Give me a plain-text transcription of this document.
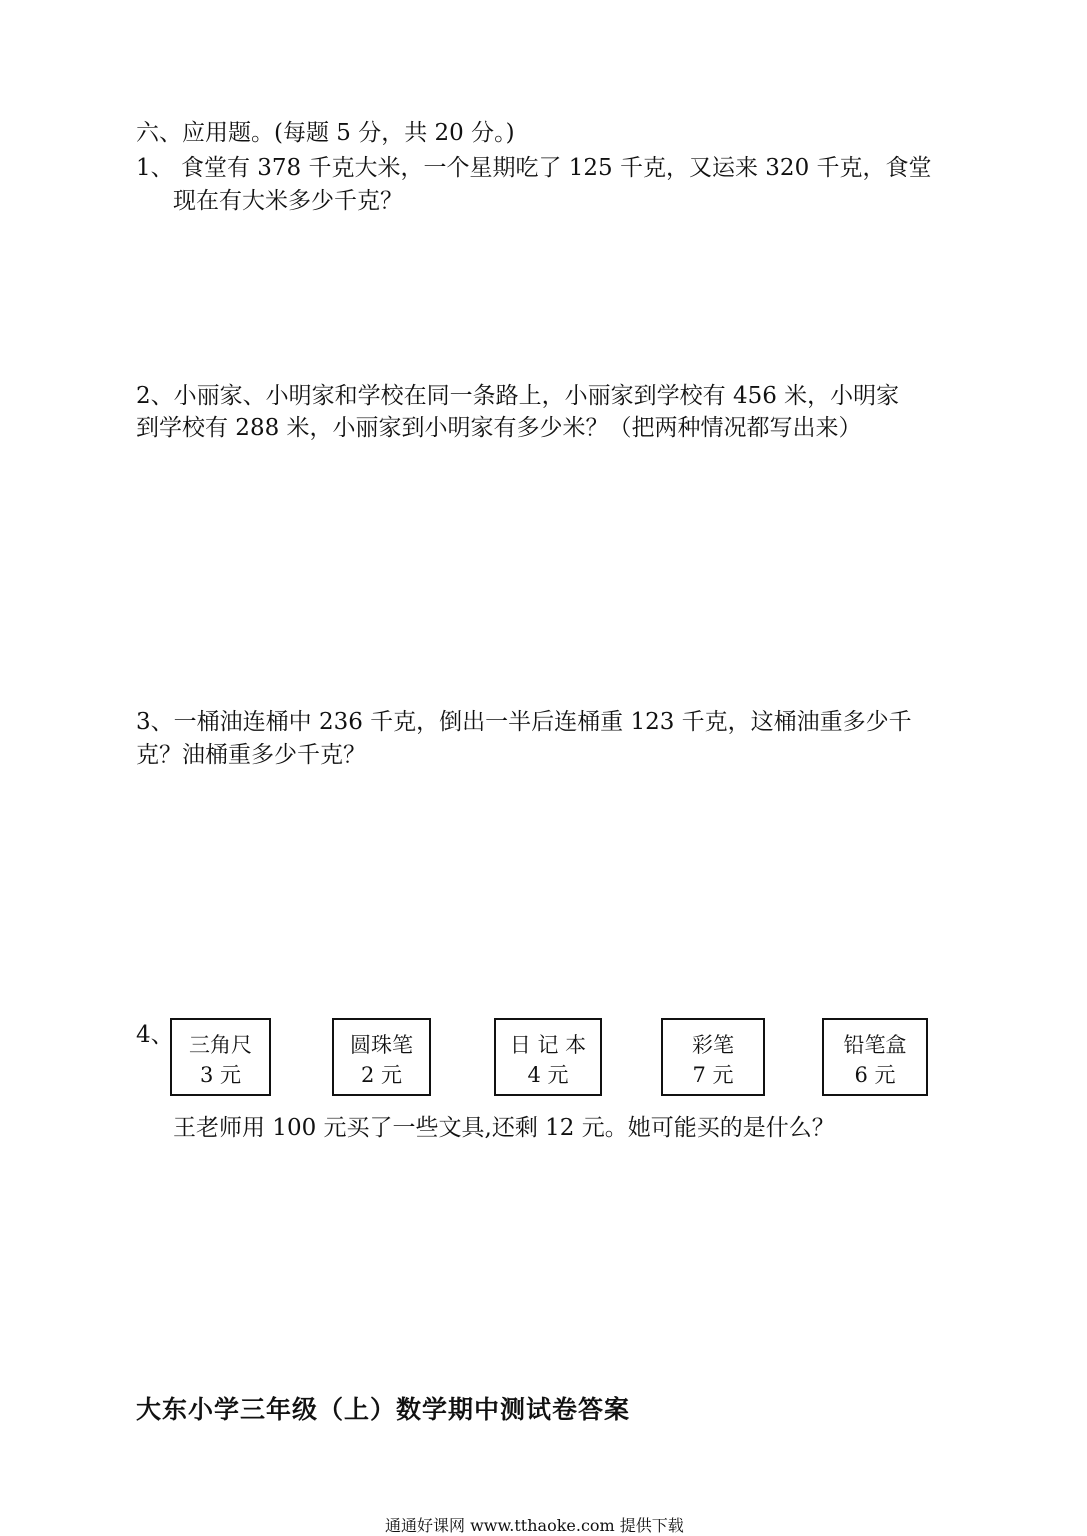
六、应用题。(每题 5 分，共 20 分。)
1、 食堂有 378 千克大米，一个星期吃了 125 千克，又运来 320 千克，食堂
现在有大米多少千克？
2、小丽家、小明家和学校在同一条路上，小丽家到学校有 456 米，小明家
到学校有 288 米，小丽家到小明家有多少米？（把两种情况都写出来）
3、一桶油连桶中 236 千克，倒出一半后连桶重 123 千克，这桶油重多少千
克？油桶重多少千克？
4、 三角尺
3 元
圆珠笔
2 元
日 记 本
4 元
彩笔
7 元
铅笔盒
6 元
王老师用 100 元买了一些文具,还剩 12 元。她可能买的是什么？
大东小学三年级（上）数学期中测试卷答案
通通好课网 www.tthaoke.com 提供下载
